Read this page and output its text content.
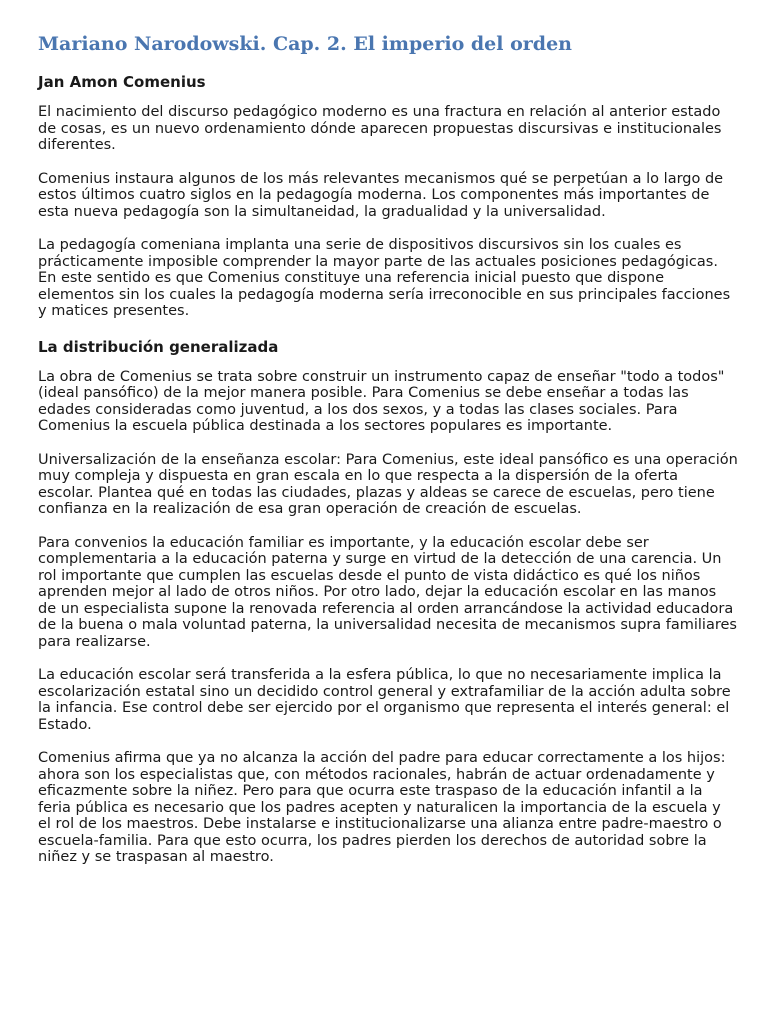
Mariano Narodowski. Cap. 2. El imperio del orden
Jan Amon Comenius

El nacimiento del discurso pedagógico moderno es una fractura en relación al anterior estado de cosas, es un nuevo ordenamiento dónde aparecen propuestas discursivas e institucionales diferentes.

Comenius instaura algunos de los más relevantes mecanismos qué se perpetúan a lo largo de estos últimos cuatro siglos en la pedagogía moderna. Los componentes más importantes de esta nueva pedagogía son la simultaneidad, la gradualidad y la universalidad.

La pedagogía comeniana implanta una serie de dispositivos discursivos sin los cuales es prácticamente imposible comprender la mayor parte de las actuales posiciones pedagógicas. En este sentido es que Comenius constituye una referencia inicial puesto que dispone elementos sin los cuales la pedagogía moderna sería irreconocible en sus principales facciones y matices presentes.

La distribución generalizada

La obra de Comenius se trata sobre construir un instrumento capaz de enseñar "todo a todos" (ideal pansófico) de la mejor manera posible. Para Comenius se debe enseñar a todas las edades consideradas como juventud, a los dos sexos, y a todas las clases sociales. Para Comenius la escuela pública destinada a los sectores populares es importante.

Universalización de la enseñanza escolar: Para Comenius, este ideal pansófico es una operación muy compleja y dispuesta en gran escala en lo que respecta a la dispersión de la oferta escolar. Plantea qué en todas las ciudades, plazas y aldeas se carece de escuelas, pero tiene confianza en la realización de esa gran operación de creación de escuelas.

Para convenios la educación familiar es importante, y la educación escolar debe ser complementaria a la educación paterna y surge en virtud de la detección de una carencia. Un rol importante que cumplen las escuelas desde el punto de vista didáctico es qué los niños aprenden mejor al lado de otros niños. Por otro lado, dejar la educación escolar en las manos de un especialista supone la renovada referencia al orden arrancándose la actividad educadora de la buena o mala voluntad paterna, la universalidad necesita de mecanismos supra familiares para realizarse.

La educación escolar será transferida a la esfera pública, lo que no necesariamente implica la escolarización estatal sino un decidido control general y extrafamiliar de la acción adulta sobre la infancia. Ese control debe ser ejercido por el organismo que representa el interés general: el Estado.

Comenius afirma que ya no alcanza la acción del padre para educar correctamente a los hijos: ahora son los especialistas que, con métodos racionales, habrán de actuar ordenadamente y eficazmente sobre la niñez. Pero para que ocurra este traspaso de la educación infantil a la feria pública es necesario que los padres acepten y naturalicen la importancia de la escuela y el rol de los maestros. Debe instalarse e institucionalizarse una alianza entre padre-maestro o escuela-familia. Para que esto ocurra, los padres pierden los derechos de autoridad sobre la niñez y se traspasan al maestro.
